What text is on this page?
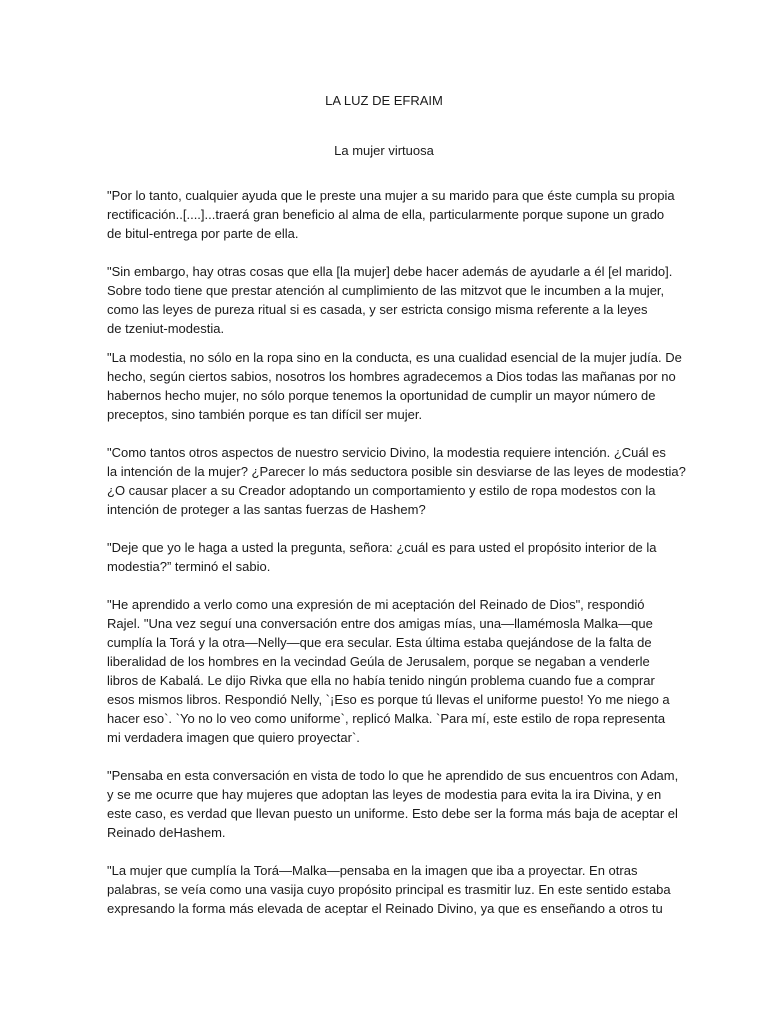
LA LUZ DE EFRAIM
La mujer virtuosa

"Por lo tanto, cualquier ayuda que le preste una mujer a su marido para que éste cumpla su propia
rectificación..[....]...traerá gran beneficio al alma de ella, particularmente porque supone un grado
de bitul-entrega por parte de ella.

"Sin embargo, hay otras cosas que ella [la mujer] debe hacer además de ayudarle a él [el marido].
Sobre todo tiene que prestar atención al cumplimiento de las mitzvot que le incumben a la mujer,
como las leyes de pureza ritual si es casada, y ser estricta consigo misma referente a la leyes
de tzeniut-modestia.

"La modestia, no sólo en la ropa sino en la conducta, es una cualidad esencial de la mujer judía. De
hecho, según ciertos sabios, nosotros los hombres agradecemos a Dios todas las mañanas por no
habernos hecho mujer, no sólo porque tenemos la oportunidad de cumplir un mayor número de
preceptos, sino también porque es tan difícil ser mujer.

"Como tantos otros aspectos de nuestro servicio Divino, la modestia requiere intención. ¿Cuál es
la intención de la mujer? ¿Parecer lo más seductora posible sin desviarse de las leyes de modestia?
¿O causar placer a su Creador adoptando un comportamiento y estilo de ropa modestos con la
intención de proteger a las santas fuerzas de Hashem?

"Deje que yo le haga a usted la pregunta, señora: ¿cuál es para usted el propósito interior de la
modestia?” terminó el sabio.

"He aprendido a verlo como una expresión de mi aceptación del Reinado de Dios", respondió
Rajel. "Una vez seguí una conversación entre dos amigas mías, una—llamémosla Malka—que
cumplía la Torá y la otra—Nelly—que era secular. Esta última estaba quejándose de la falta de
liberalidad de los hombres en la vecindad Geúla de Jerusalem, porque se negaban a venderle
libros de Kabalá. Le dijo Rivka que ella no había tenido ningún problema cuando fue a comprar
esos mismos libros. Respondió Nelly, `¡Eso es porque tú llevas el uniforme puesto! Yo me niego a
hacer eso`. `Yo no lo veo como uniforme`, replicó Malka. `Para mí, este estilo de ropa representa
mi verdadera imagen que quiero proyectar`.

"Pensaba en esta conversación en vista de todo lo que he aprendido de sus encuentros con Adam,
y se me ocurre que hay mujeres que adoptan las leyes de modestia para evita la ira Divina, y en
este caso, es verdad que llevan puesto un uniforme. Esto debe ser la forma más baja de aceptar el
Reinado deHashem.

"La mujer que cumplía la Torá—Malka—pensaba en la imagen que iba a proyectar. En otras
palabras, se veía como una vasija cuyo propósito principal es trasmitir luz. En este sentido estaba
expresando la forma más elevada de aceptar el Reinado Divino, ya que es enseñando a otros tu
